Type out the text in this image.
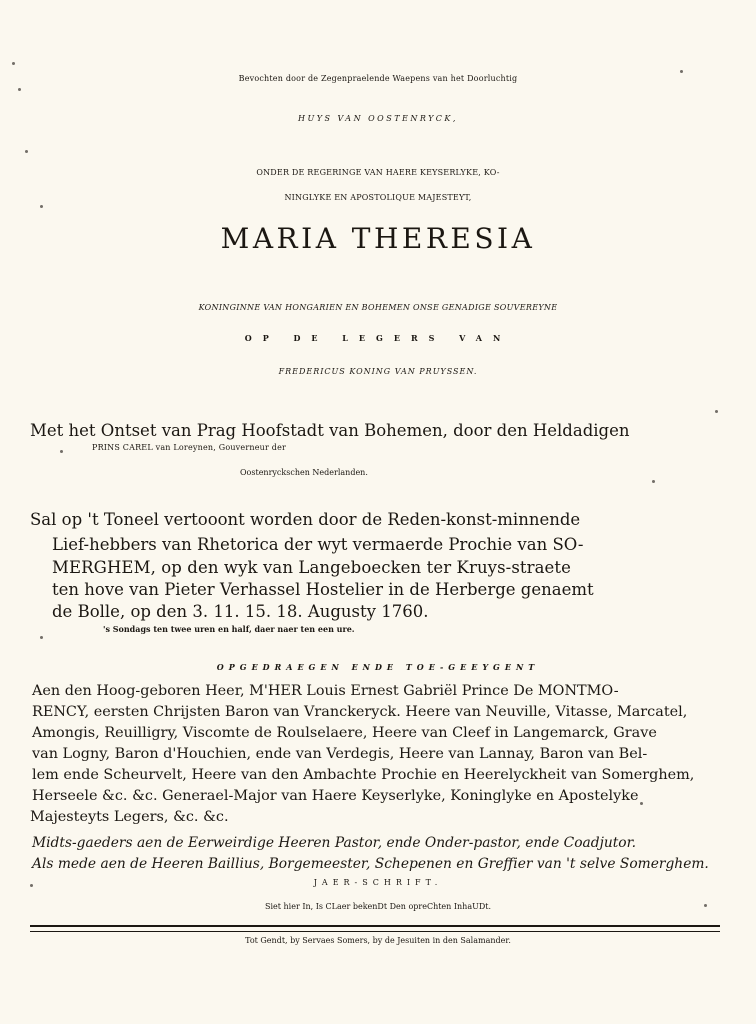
Bevochten door de Zegenpraelende Waepens van het Doorluchtig
HUYS VAN OOSTENRYCK,
ONDER DE REGERINGE VAN HAERE KEYSERLYKE, KO-
NINGLYKE EN APOSTOLIQUE MAJESTEYT,
MARIA THERESIA
KONINGINNE VAN HONGARIEN EN BOHEMEN ONSE GENADIGE SOUVEREYNE
OP DE LEGERS VAN
FREDERICUS KONING VAN PRUYSSEN.
Met het Ontset van Prag Hoofstadt van Bohemen, door den Heldadigen
PRINS CAREL van Loreynen, Gouverneur der
Oostenryckschen Nederlanden.
Sal op 't Toneel vertooont worden door de Reden-konst-minnende
Lief-hebbers van Rhetorica der wyt vermaerde Prochie van SO-
MERGHEM, op den wyk van Langeboecken ter Kruys-straete
ten hove van Pieter Verhassel Hostelier in de Herberge genaemt
de Bolle, op den 3. 11. 15. 18. Augusty 1760.
's Sondags ten twee uren en half, daer naer ten een ure.
OPGEDRAEGEN ENDE TOE-GEEYGENT
Aen den Hoog-geboren Heer, M'HER Louis Ernest Gabriël Prince De MONTMO-
RENCY, eersten Chrijsten Baron van Vranckeryck. Heere van Neuville, Vitasse, Marcatel,
Amongis, Reuilligry, Viscomte de Roulselaere, Heere van Cleef in Langemarck, Grave
van Logny, Baron d'Houchien, ende van Verdegis, Heere van Lannay, Baron van Bel-
lem ende Scheurvelt, Heere van den Ambachte Prochie en Heerelyckheit van Somerghem,
Herseele &c. &c. Generael-Major van Haere Keyserlyke, Koninglyke en Apostelyke
Majesteyts Legers, &c. &c.
Midts-gaeders aen de Eerweirdige Heeren Pastor, ende Onder-pastor, ende Coadjutor.
Als mede aen de Heeren Baillius, Borgemeester, Schepenen en Greffier van 't selve Somerghem.
JAER-SCHRIFT.
Siet hier In, Is CLaer bekenDt Den opreChten InhaUDt.
Tot Gendt, by Servaes Somers, by de Jesuiten in den Salamander.
